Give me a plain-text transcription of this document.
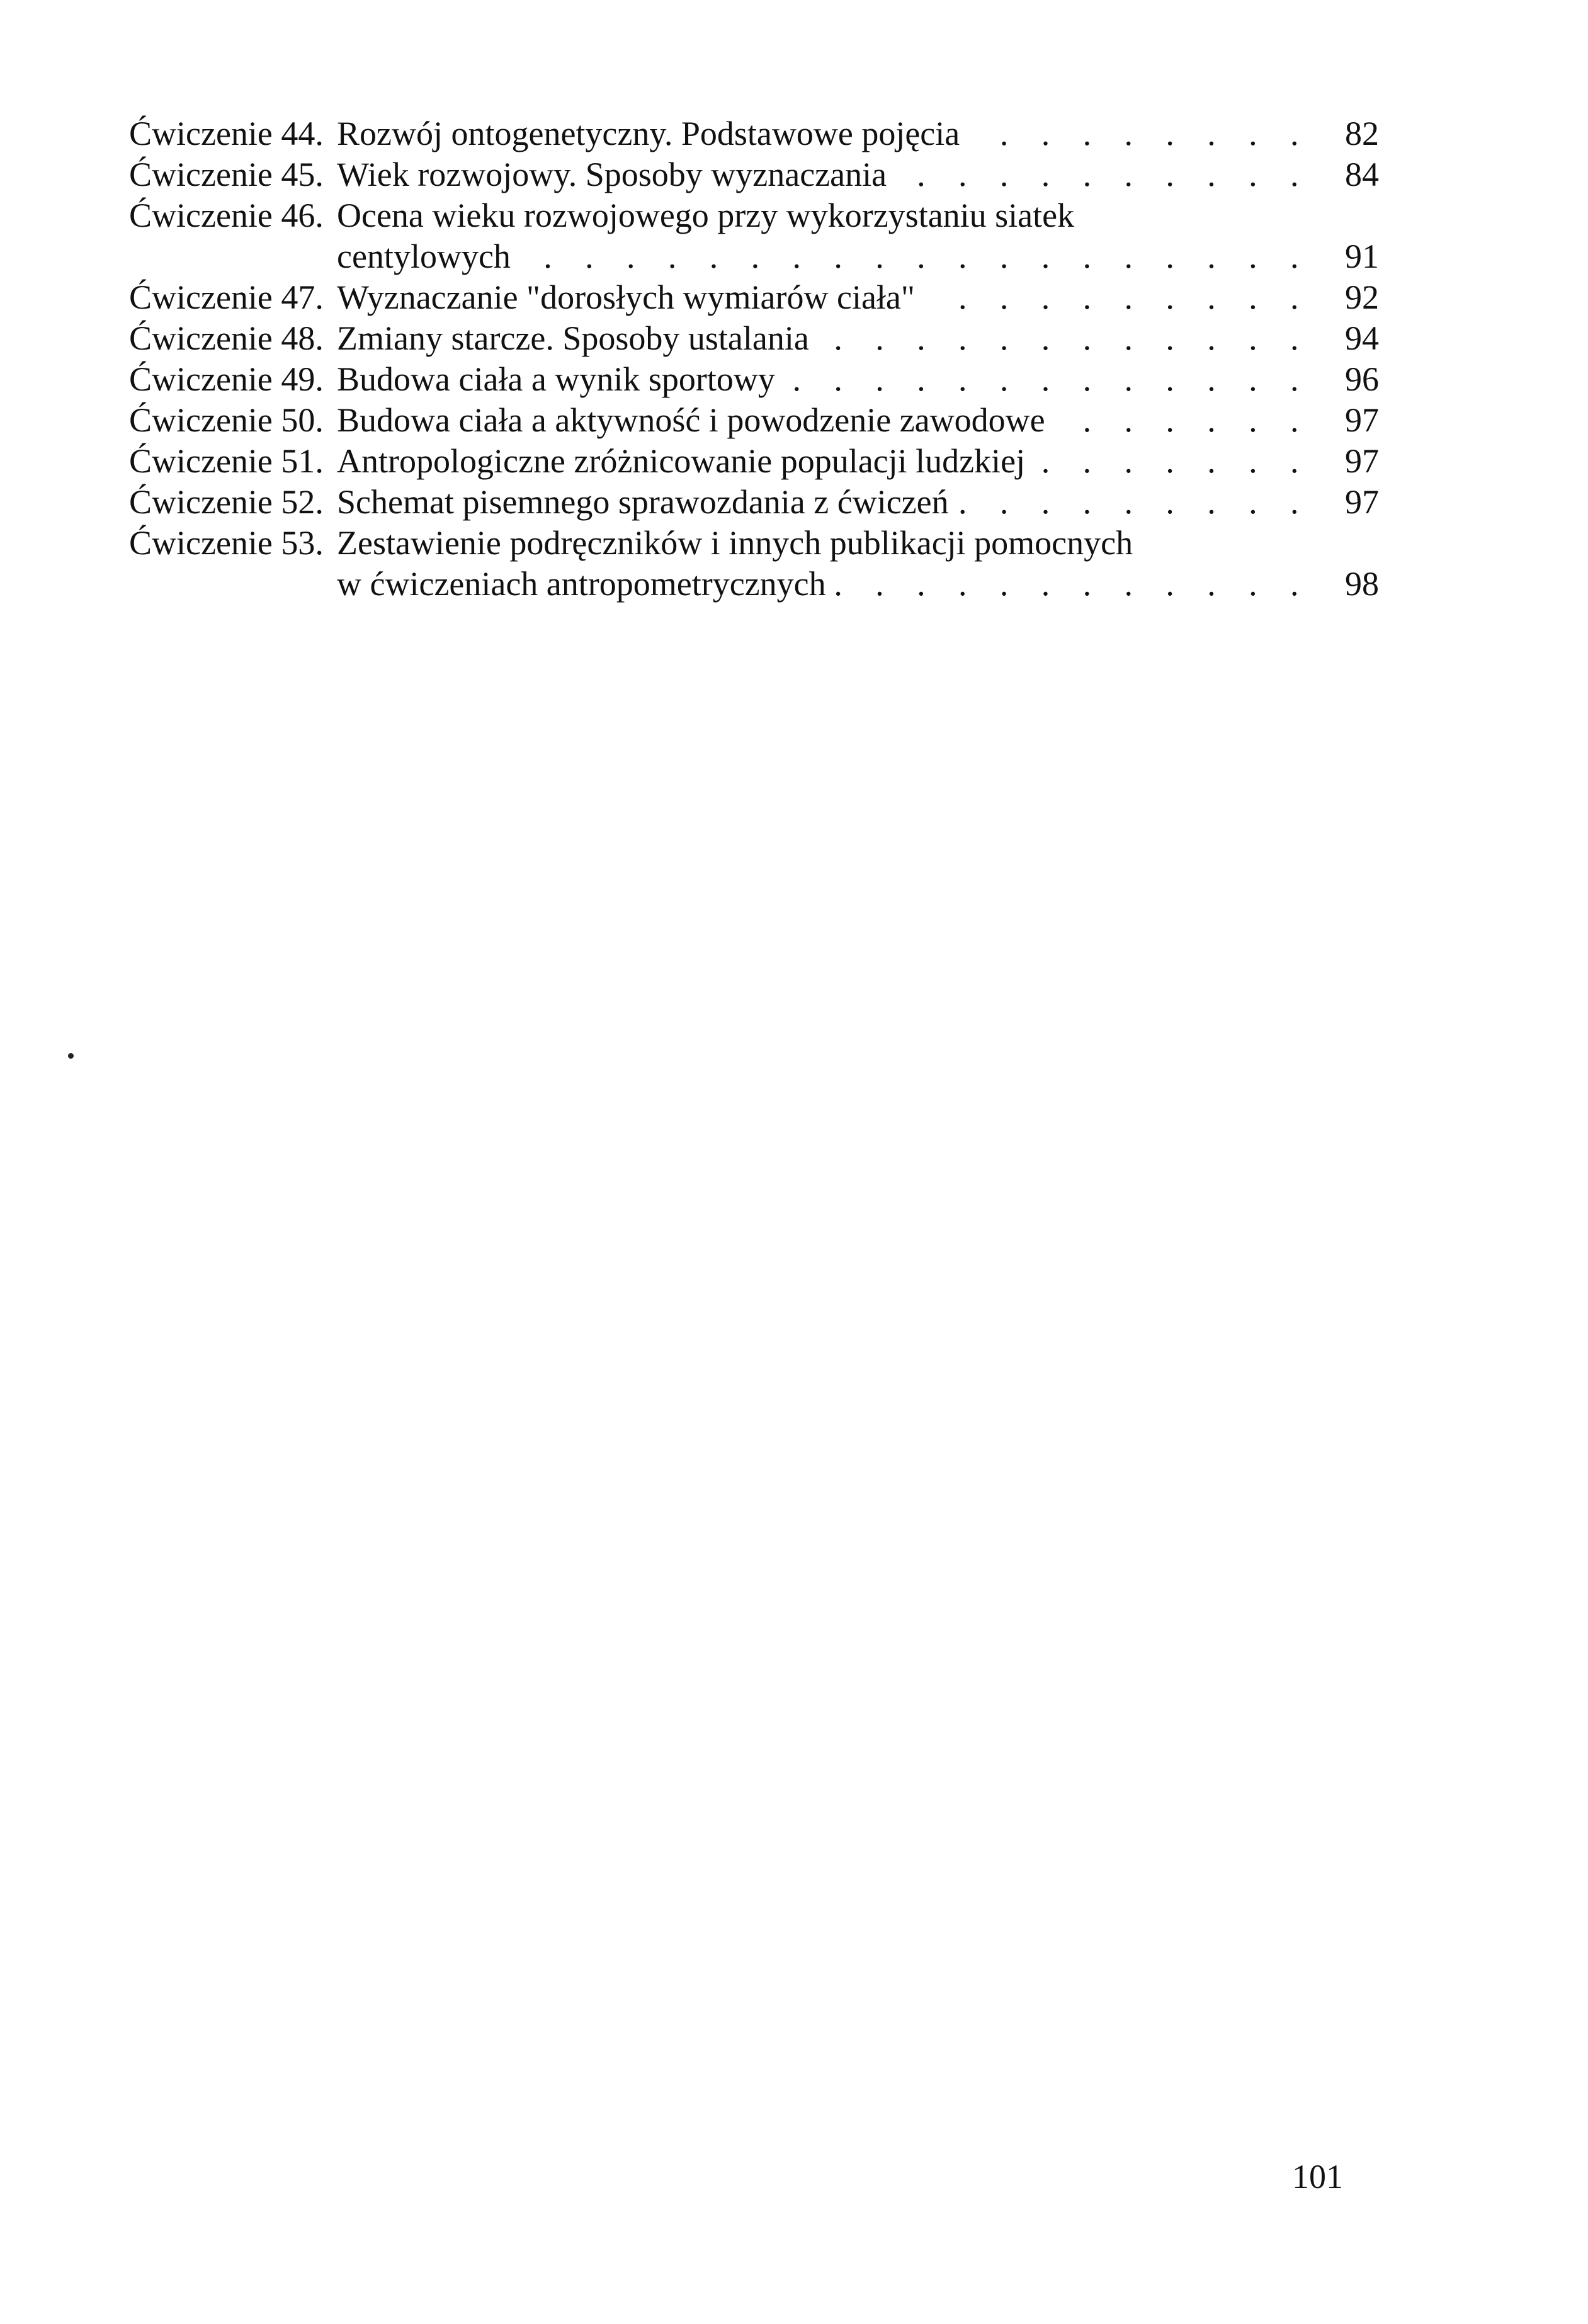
Ćwiczenie 44. Rozwój ontogenetyczny. Podstawowe pojęcia . . .	82
Ćwiczenie 45. Wiek rozwojowy. Sposoby wyznaczania . . .	84
Ćwiczenie 46. Ocena wieku rozwojowego przy wykorzystaniu siatek
centylowych . . .	91
Ćwiczenie 47. Wyznaczanie "dorosłych wymiarów ciała" . . .	92
Ćwiczenie 48. Zmiany starcze. Sposoby ustalania . . .	94
Ćwiczenie 49. Budowa ciała a wynik sportowy . . .	96
Ćwiczenie 50. Budowa ciała a aktywność i powodzenie zawodowe . . .	97
Ćwiczenie 51. Antropologiczne zróżnicowanie populacji ludzkiej . . .	97
Ćwiczenie 52. Schemat pisemnego sprawozdania z ćwiczeń . . .	97
Ćwiczenie 53. Zestawienie podręczników i innych publikacji pomocnych
w ćwiczeniach antropometrycznych . . .	98
101
